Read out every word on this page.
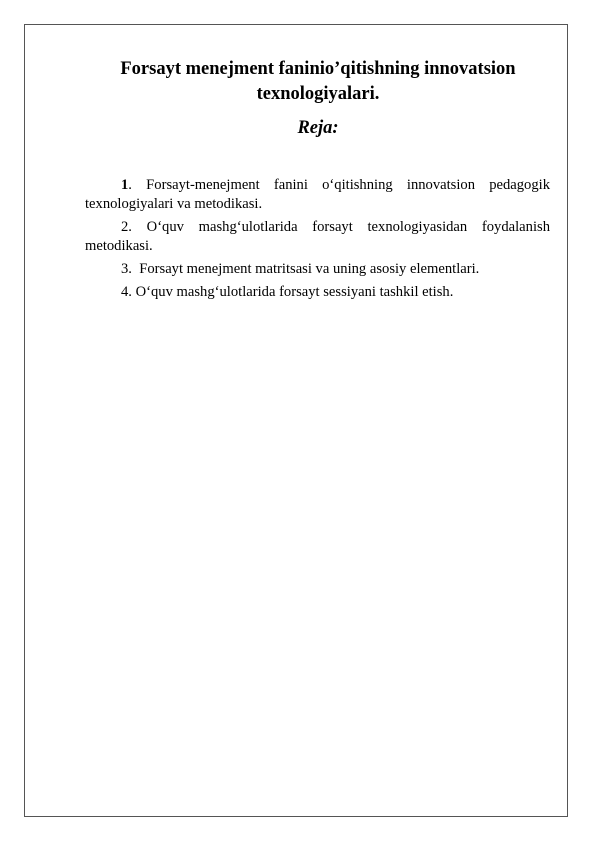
Forsayt menejment faninio’qitishning innovatsion texnologiyalari.
Reja:
1. Forsayt-menejment fanini o‘qitishning innovatsion pedagogik texnologiyalari va metodikasi.
2. O‘quv mashg‘ulotlarida forsayt texnologiyasidan foydalanish metodikasi.
3.  Forsayt menejment matritsasi va uning asosiy elementlari.
4. O‘quv mashg‘ulotlarida forsayt sessiyani tashkil etish.
